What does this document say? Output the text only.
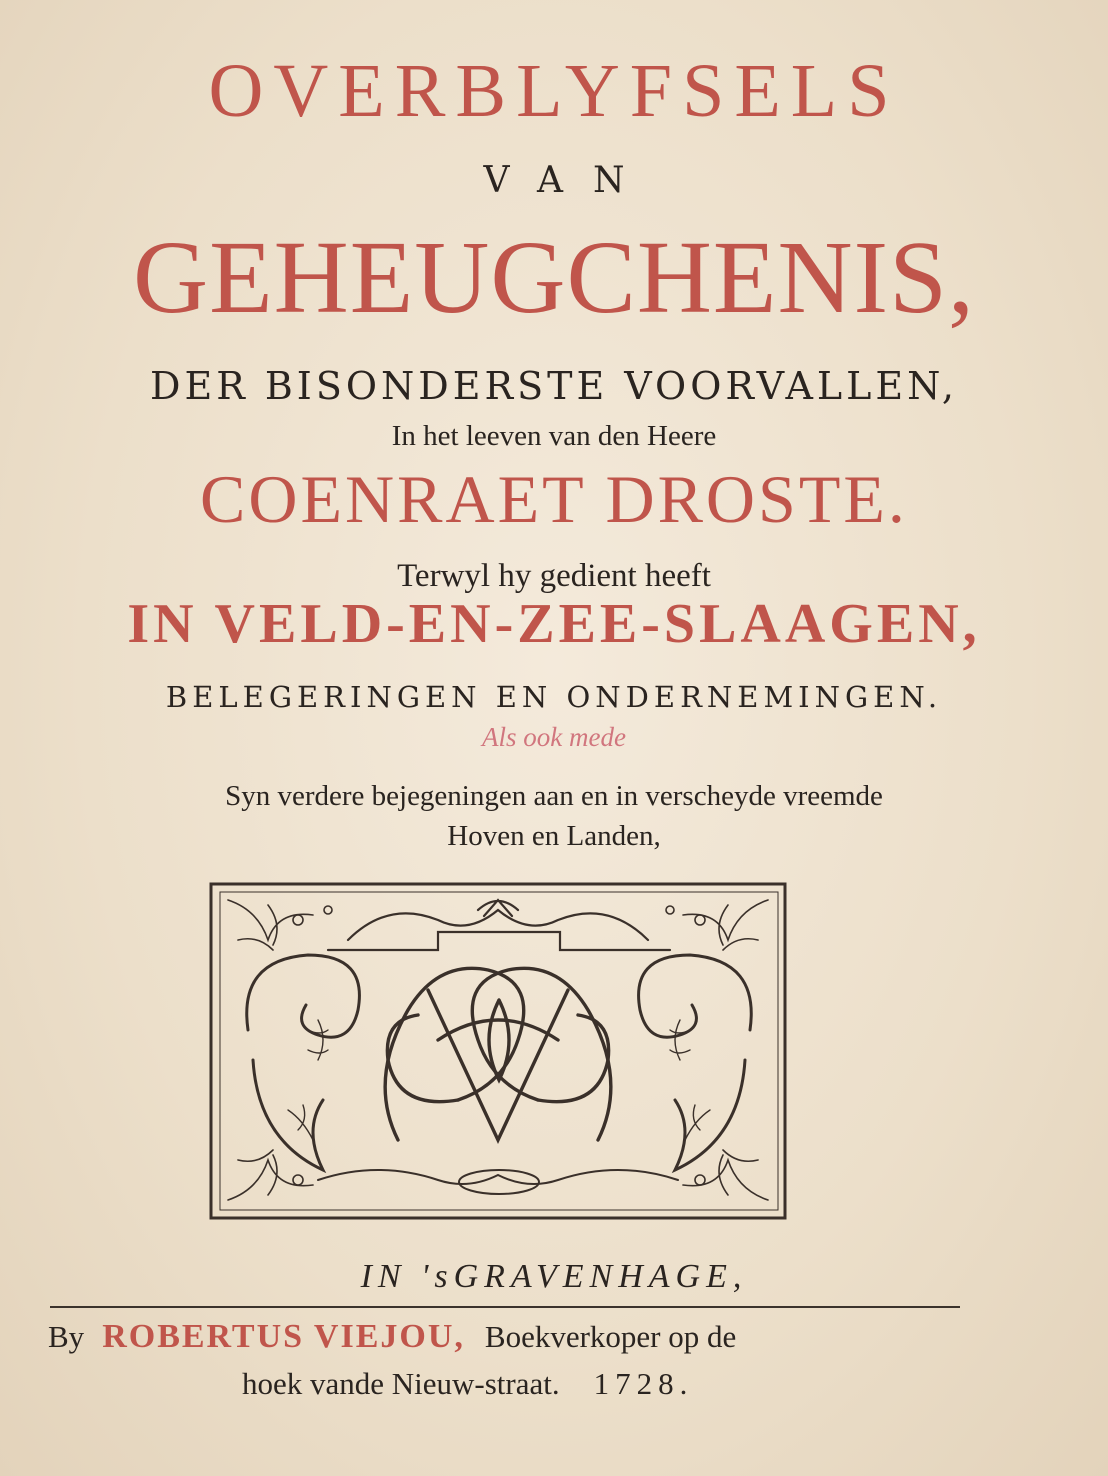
OVERBLYFSELS
VAN
GEHEUGCHENIS,
DER BISONDERSTE VOORVALLEN,
In het leeven van den Heere
COENRAET DROSTE.
Terwyl hy gedient heeft
IN VELD-EN-ZEE-SLAAGEN,
BELEGERINGEN EN ONDERNEMINGEN.
Als ook mede
Syn verdere bejegeningen aan en in verscheyde vreemde
Hoven en Landen,
IN 'sGRAVENHAGE,
By ROBERTUS VIEJOU, Boekverkoper op de
hoek vande Nieuw-straat. 1728.
